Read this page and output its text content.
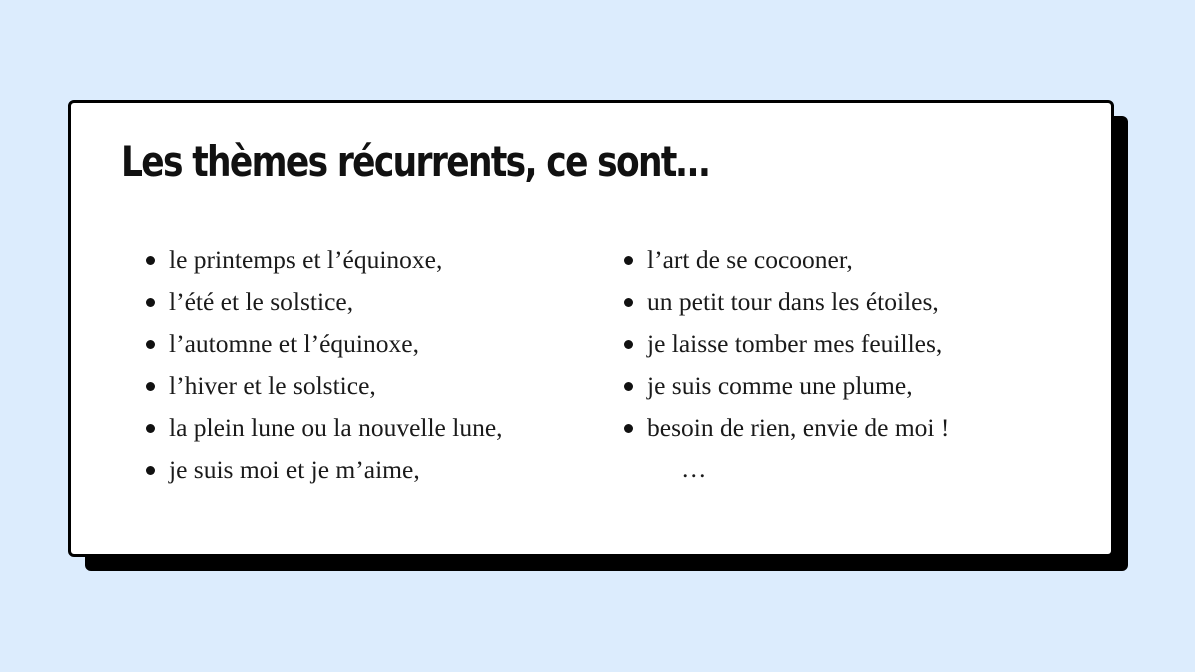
Les thèmes récurrents, ce sont…
le printemps et l’équinoxe,
l’été et le solstice,
l’automne et l’équinoxe,
l’hiver et le solstice,
la plein lune ou la nouvelle lune,
je suis moi et je m’aime,
l’art de se cocooner,
un petit tour dans les étoiles,
je laisse tomber mes feuilles,
je suis comme une plume,
besoin de rien, envie de moi !
…
